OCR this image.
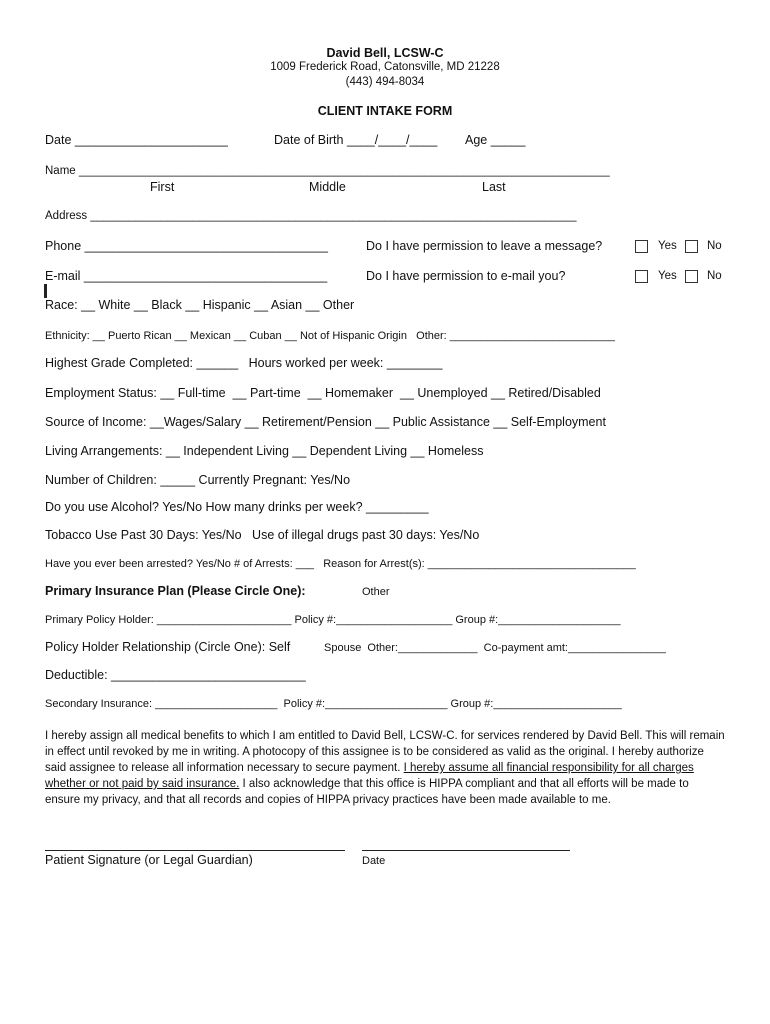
David Bell, LCSW-C
1009 Frederick Road, Catonsville, MD 21228
(443) 494-8034
CLIENT INTAKE FORM
Date ______________________	Date of Birth ____/____/____ Age _____
Name ___________________________________________________________________________________
First	Middle	Last
Address ____________________________________________________________________________
Phone ___________________________________	Do I have permission to leave a message?	Yes	No
E-mail ___________________________________	Do I have permission to e-mail you?	Yes	No
Race: __ White __ Black __ Hispanic __ Asian __ Other
Ethnicity: __ Puerto Rican __ Mexican __ Cuban __ Not of Hispanic Origin   Other: ___________________________
Highest Grade Completed: ______   Hours worked per week: ________
Employment Status: __ Full-time  __ Part-time  __ Homemaker  __ Unemployed __ Retired/Disabled
Source of Income: __Wages/Salary __ Retirement/Pension __ Public Assistance __ Self-Employment
Living Arrangements: __ Independent Living __ Dependent Living __ Homeless
Number of Children: _____ Currently Pregnant: Yes/No
Do you use Alcohol? Yes/No How many drinks per week? _________
Tobacco Use Past 30 Days: Yes/No   Use of illegal drugs past 30 days: Yes/No
Have you ever been arrested? Yes/No # of Arrests: ___   Reason for Arrest(s): __________________________________
Primary Insurance Plan (Please Circle One):	Other
Primary Policy Holder: ______________________ Policy #:___________________ Group #:____________________
Policy Holder Relationship (Circle One): Self	Spouse  Other:_____________  Co-payment amt:________________
Deductible: ____________________________
Secondary Insurance: ____________________  Policy #:____________________ Group #:_____________________
I hereby assign all medical benefits to which I am entitled to David Bell, LCSW-C. for services rendered by David Bell. This will remain in effect until revoked by me in writing. A photocopy of this assignee is to be considered as valid as the original. I hereby authorize said assignee to release all information necessary to secure payment. I hereby assume all financial responsibility for all charges whether or not paid by said insurance. I also acknowledge that this office is HIPPA compliant and that all efforts will be made to ensure my privacy, and that all records and copies of HIPPA privacy practices have been made available to me.
Patient Signature (or Legal Guardian)	Date
